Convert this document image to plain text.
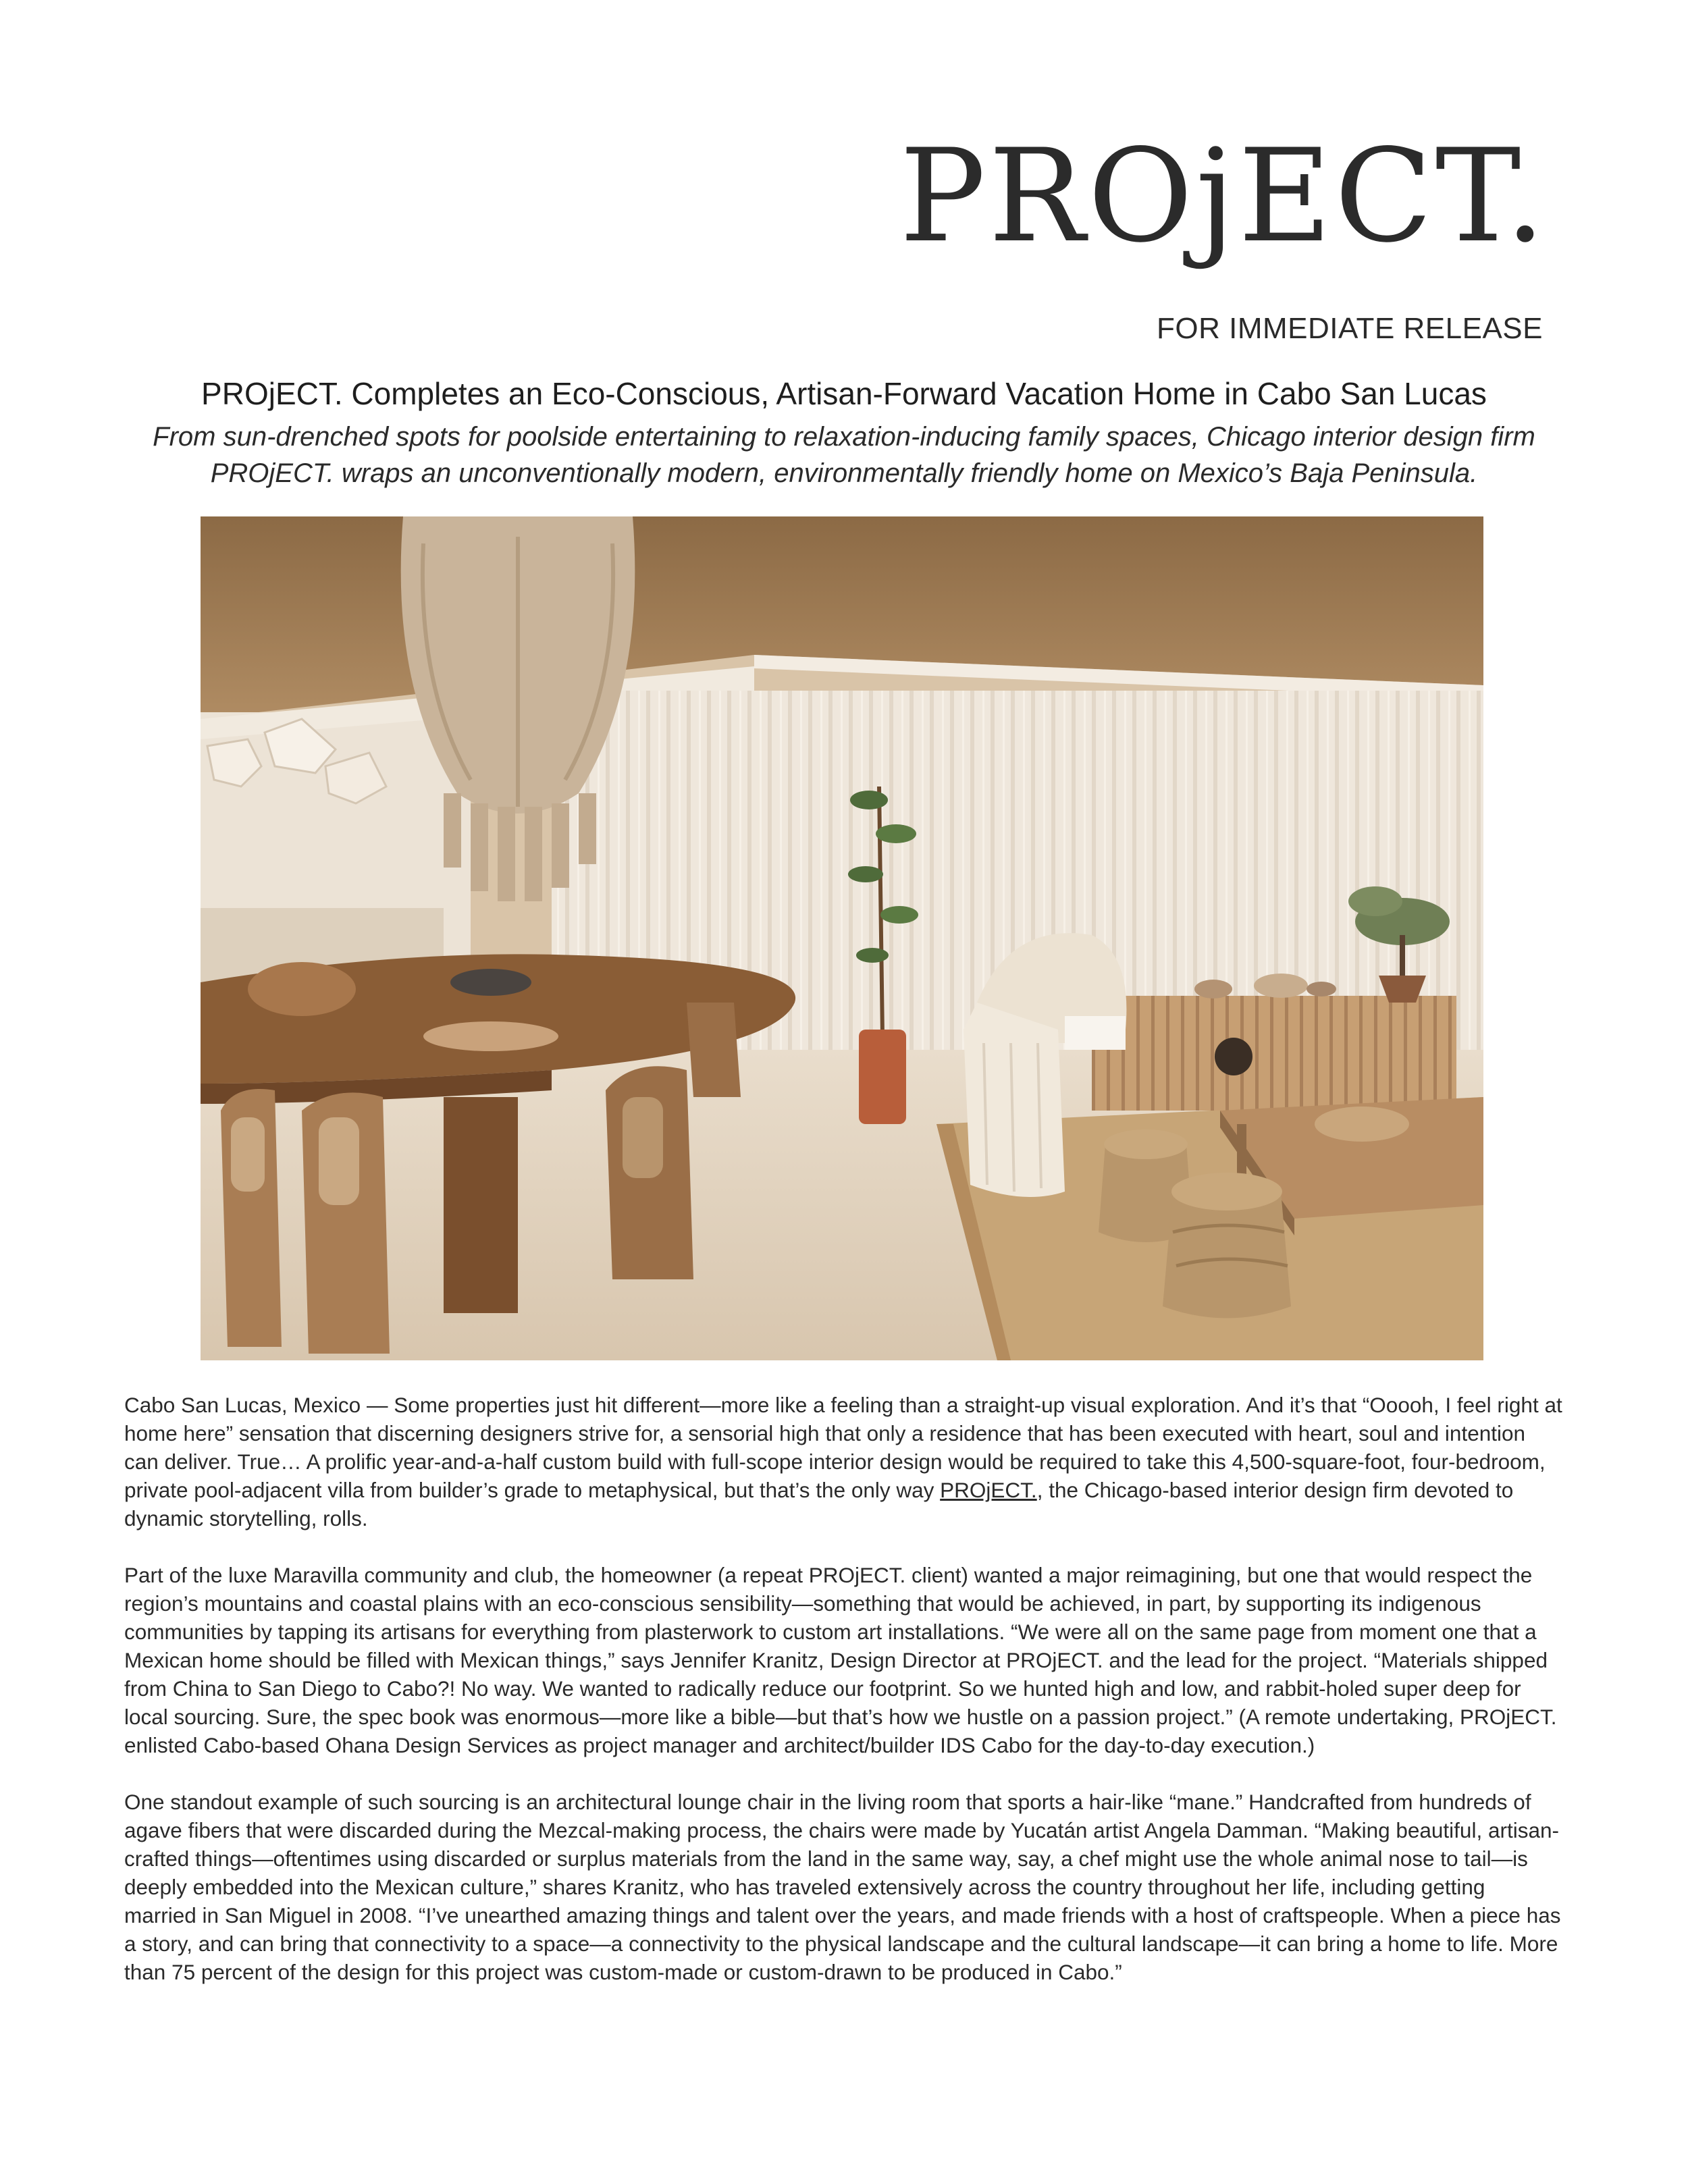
PROjECT.
FOR IMMEDIATE RELEASE
PROjECT. Completes an Eco-Conscious, Artisan-Forward Vacation Home in Cabo San Lucas
From sun-drenched spots for poolside entertaining to relaxation-inducing family spaces, Chicago interior design firm PROjECT. wraps an unconventionally modern, environmentally friendly home on Mexico’s Baja Peninsula.

Cabo San Lucas, Mexico — Some properties just hit different—more like a feeling than a straight-up visual exploration. And it’s that “Ooooh, I feel right at home here” sensation that discerning designers strive for, a sensorial high that only a residence that has been executed with heart, soul and intention can deliver. True… A prolific year-and-a-half custom build with full-scope interior design would be required to take this 4,500-square-foot, four-bedroom, private pool-adjacent villa from builder’s grade to metaphysical, but that’s the only way PROjECT., the Chicago-based interior design firm devoted to dynamic storytelling, rolls.

Part of the luxe Maravilla community and club, the homeowner (a repeat PROjECT. client) wanted a major reimagining, but one that would respect the region’s mountains and coastal plains with an eco-conscious sensibility—something that would be achieved, in part, by supporting its indigenous communities by tapping its artisans for everything from plasterwork to custom art installations. “We were all on the same page from moment one that a Mexican home should be filled with Mexican things,” says Jennifer Kranitz, Design Director at PROjECT. and the lead for the project. “Materials shipped from China to San Diego to Cabo?! No way. We wanted to radically reduce our footprint. So we hunted high and low, and rabbit-holed super deep for local sourcing. Sure, the spec book was enormous—more like a bible—but that’s how we hustle on a passion project.” (A remote undertaking, PROjECT. enlisted Cabo-based Ohana Design Services as project manager and architect/builder IDS Cabo for the day-to-day execution.)

One standout example of such sourcing is an architectural lounge chair in the living room that sports a hair-like “mane.” Handcrafted from hundreds of agave fibers that were discarded during the Mezcal-making process, the chairs were made by Yucatán artist Angela Damman. “Making beautiful, artisan-crafted things—oftentimes using discarded or surplus materials from the land in the same way, say, a chef might use the whole animal nose to tail—is deeply embedded into the Mexican culture,” shares Kranitz, who has traveled extensively across the country throughout her life, including getting married in San Miguel in 2008. “I’ve unearthed amazing things and talent over the years, and made friends with a host of craftspeople. When a piece has a story, and can bring that connectivity to a space—a connectivity to the physical landscape and the cultural landscape—it can bring a home to life. More than 75 percent of the design for this project was custom-made or custom-drawn to be produced in Cabo.”
